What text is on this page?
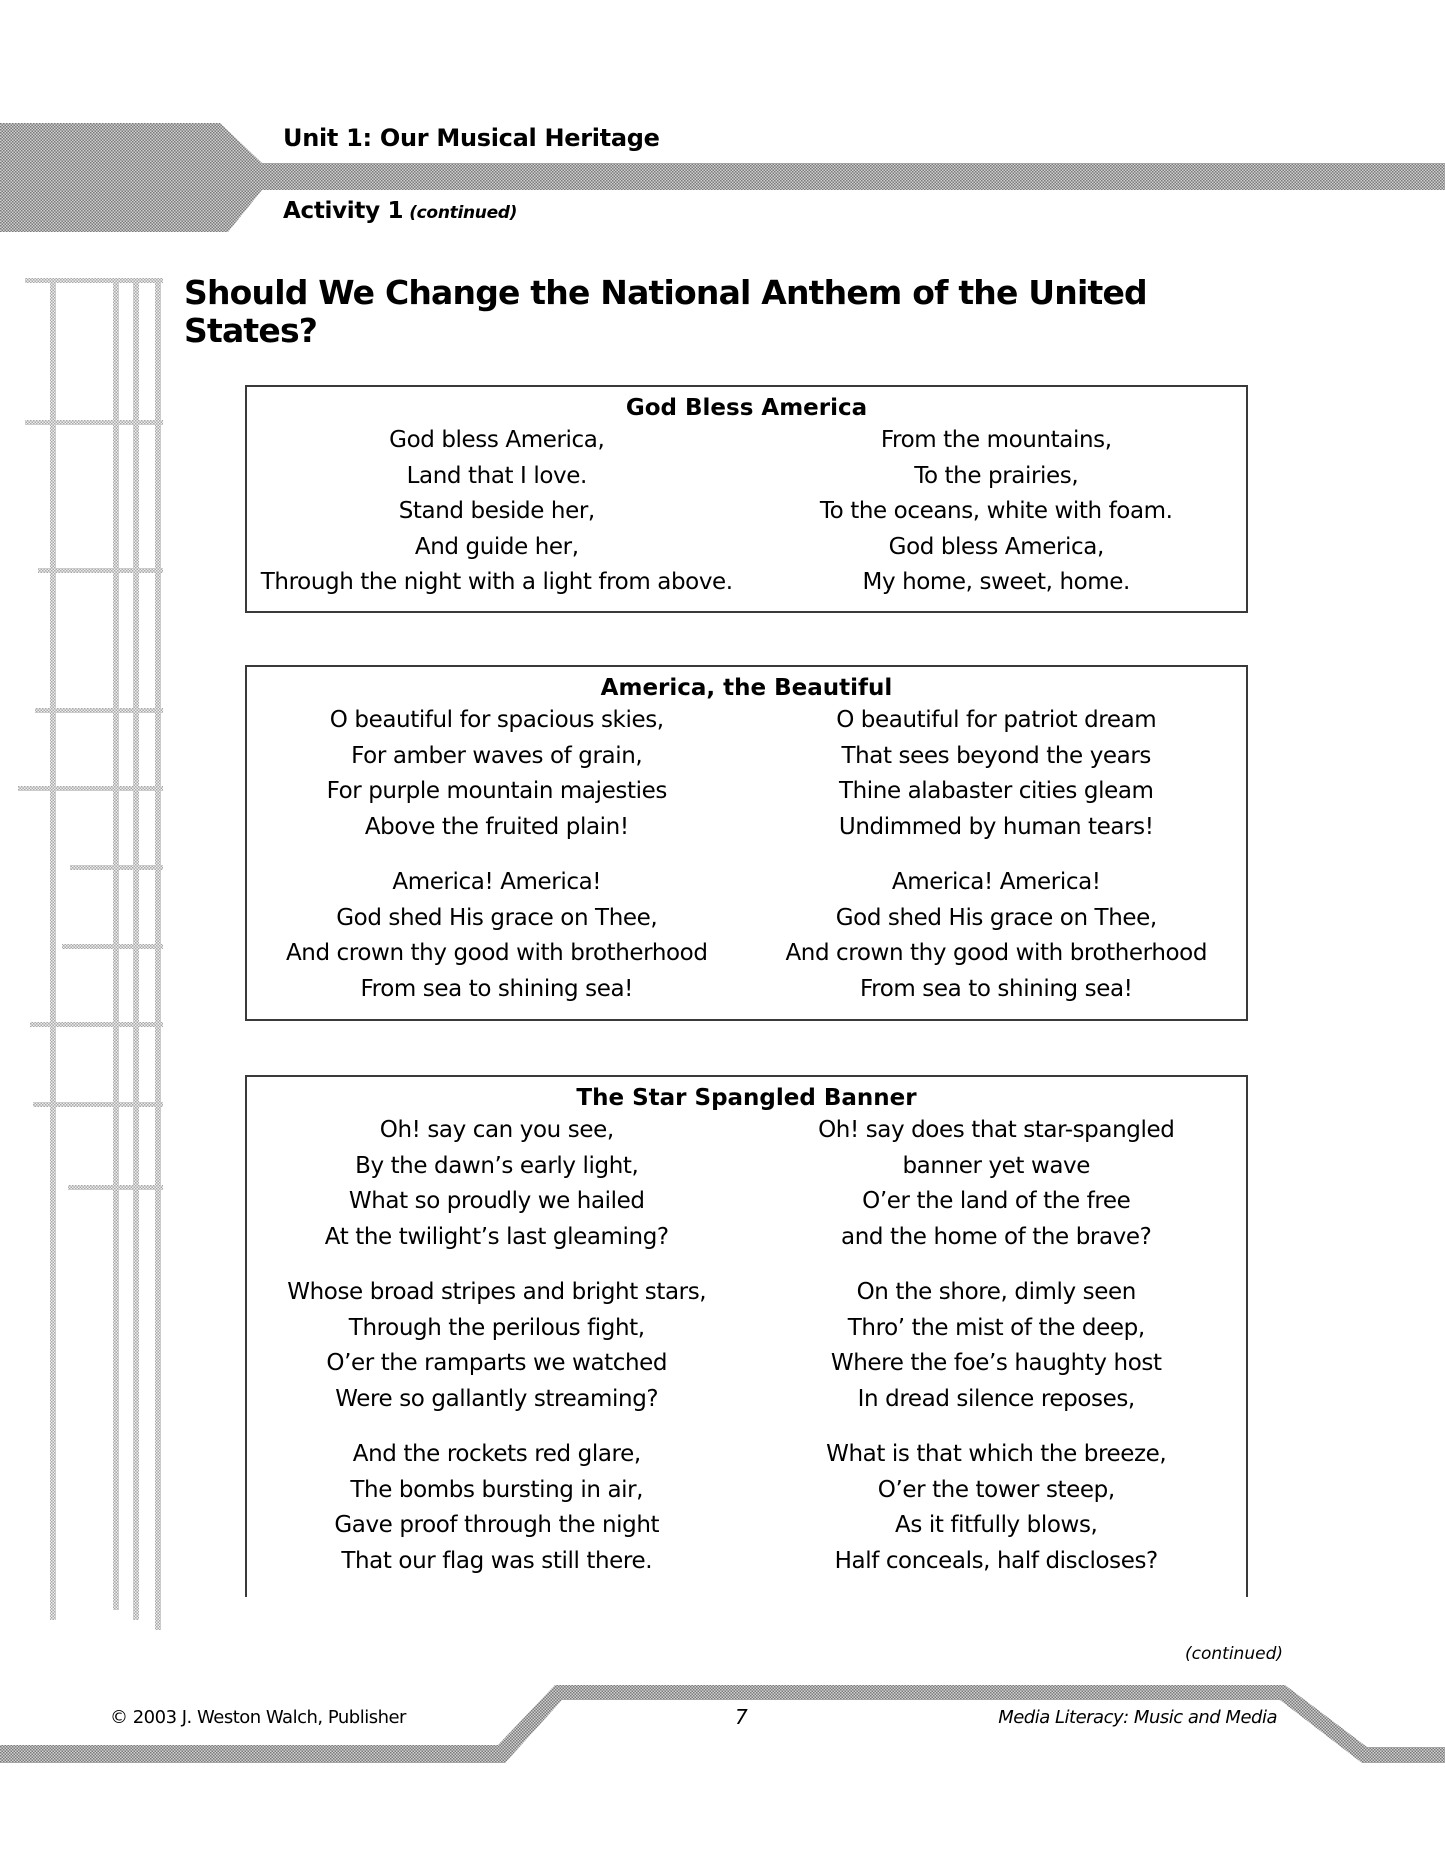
Unit 1: Our Musical Heritage
Activity 1 (continued)
Should We Change the National Anthem of the United States?
God Bless America
God bless America,
Land that I love.
Stand beside her,
And guide her,
Through the night with a light from above.
From the mountains,
To the prairies,
To the oceans, white with foam.
God bless America,
My home, sweet, home.
America, the Beautiful
O beautiful for spacious skies,
For amber waves of grain,
For purple mountain majesties
Above the fruited plain!
America! America!
God shed His grace on Thee,
And crown thy good with brotherhood
From sea to shining sea!
O beautiful for patriot dream
That sees beyond the years
Thine alabaster cities gleam
Undimmed by human tears!
America! America!
God shed His grace on Thee,
And crown thy good with brotherhood
From sea to shining sea!
The Star Spangled Banner
Oh! say can you see,
By the dawn’s early light,
What so proudly we hailed
At the twilight’s last gleaming?
Whose broad stripes and bright stars,
Through the perilous fight,
O’er the ramparts we watched
Were so gallantly streaming?
And the rockets red glare,
The bombs bursting in air,
Gave proof through the night
That our flag was still there.
Oh! say does that star-spangled
banner yet wave
O’er the land of the free
and the home of the brave?
On the shore, dimly seen
Thro’ the mist of the deep,
Where the foe’s haughty host
In dread silence reposes,
What is that which the breeze,
O’er the tower steep,
As it fitfully blows,
Half conceals, half discloses?
(continued)
© 2003 J. Weston Walch, Publisher	7	Media Literacy: Music and Media
